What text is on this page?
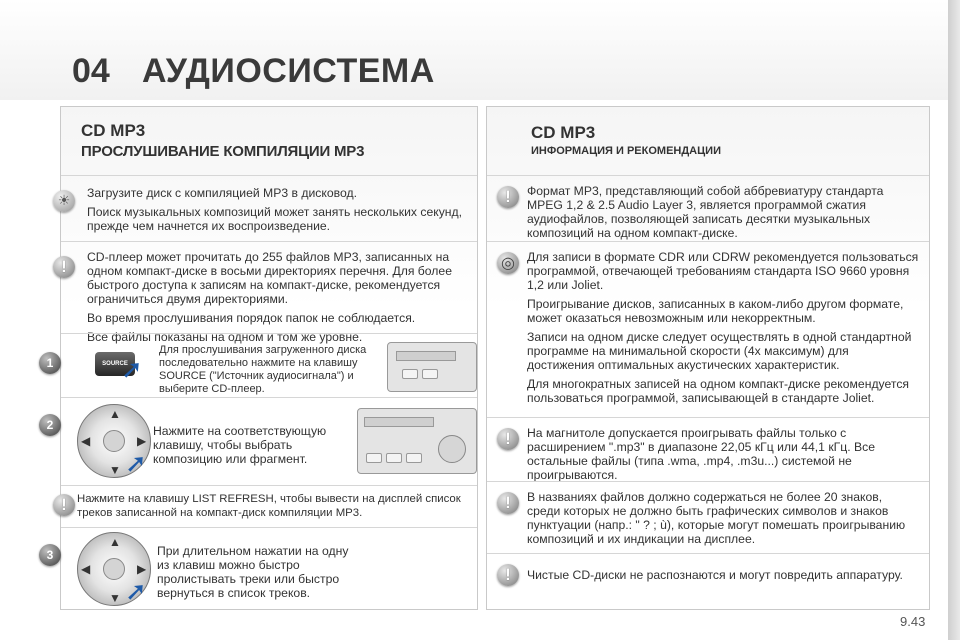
04 АУДИОСИСТЕМА
CD MP3
ПРОСЛУШИВАНИЕ КОМПИЛЯЦИИ MP3
☀

Загрузите диск с компиляцией MP3 в дисковод.

Поиск музыкальных композиций может занять нескольких секунд, прежде чем начнется их воспроизведение.

!

CD-плеер может прочитать до 255 файлов MP3, записанных на одном компакт-диске в восьми директориях перечня. Для более быстрого доступа к записям на компакт-диске, рекомендуется ограничиться двумя директориями.

Во время прослушивания порядок папок не соблюдается.

Все файлы показаны на одном и том же уровне.

1	SOURCE
➚
Для прослушивания загруженного диска последовательно нажмите на клавишу SOURCE ("Источник аудиосигнала") и выберите CD-плеер.
2
▲
▼
◀	▶
➚
Нажмите на соответствующую клавишу, чтобы выбрать композицию или фрагмент.
!
Нажмите на клавишу LIST REFRESH, чтобы вывести на дисплей список треков записанной на компакт-диск компиляции MP3.
3
▲
▼
◀	▶
➚
При длительном нажатии на одну из клавиш можно быстро пролистывать треки или быстро вернуться в список треков.
CD MP3
ИНФОРМАЦИЯ И РЕКОМЕНДАЦИИ
!
Формат MP3, представляющий собой аббревиатуру стандарта MPEG 1,2 & 2.5 Audio Layer 3, является программой сжатия аудиофайлов, позволяющей записать десятки музыкальных композиций на одном компакт-диске.
◎

Для записи в формате CDR или CDRW рекомендуется пользоваться программой, отвечающей требованиям стандарта ISO 9660 уровня 1,2 или Joliet.

Проигрывание дисков, записанных в каком-либо другом формате, может оказаться невозможным или некорректным.

Записи на одном диске следует осуществлять в одной стандартной программе на минимальной скорости (4х максимум) для достижения оптимальных акустических характеристик.

Для многократных записей на одном компакт-диске рекомендуется пользоваться программой, записывающей в стандарте Joliet.

!
На магнитоле допускается проигрывать файлы только с расширением ".mp3" в диапазоне 22,05 кГц или 44,1 кГц. Все остальные файлы (типа .wma, .mp4, .m3u...) системой не проигрываются.
!
В названиях файлов должно содержаться не более 20 знаков, среди которых не должно быть графических символов и знаков пунктуации (напр.: " ? ; ù), которые могут помешать проигрыванию композиций и их индикации на дисплее.
!
Чистые CD-диски не распознаются и могут повредить аппаратуру.
9.43
